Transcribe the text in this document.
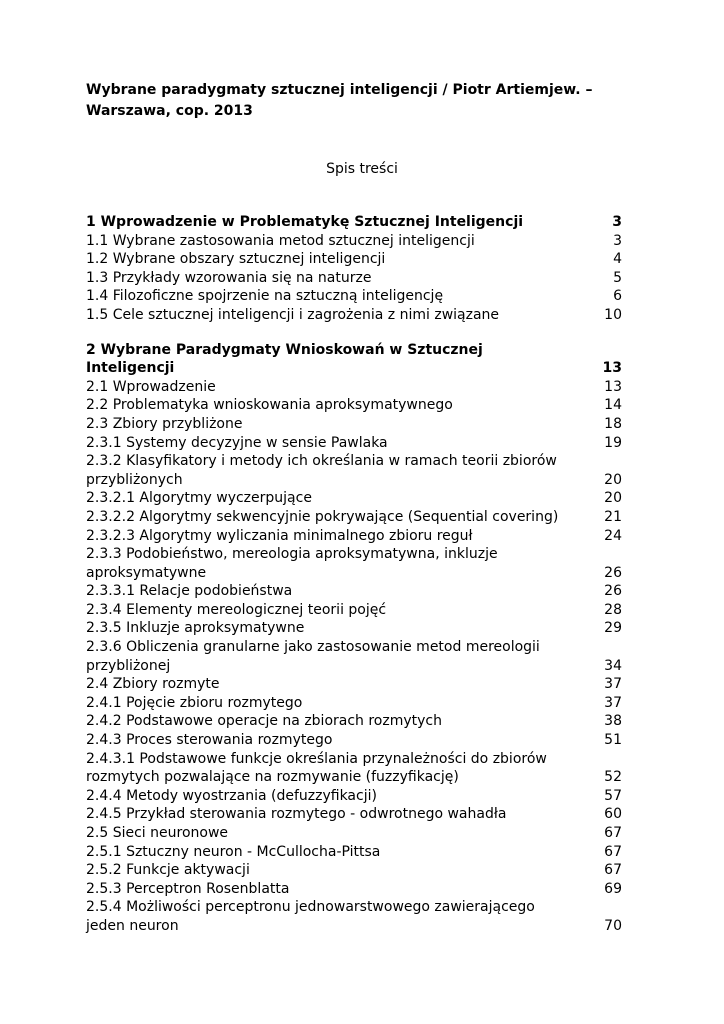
Wybrane paradygmaty sztucznej inteligencji / Piotr Artiemjew. –
Warszawa, cop. 2013
Spis treści
1 Wprowadzenie w Problematykę Sztucznej Inteligencji	3
1.1 Wybrane zastosowania metod sztucznej inteligencji	3
1.2 Wybrane obszary sztucznej inteligencji	4
1.3 Przykłady wzorowania się na naturze	5
1.4 Filozoficzne spojrzenie na sztuczną inteligencję	6
1.5 Cele sztucznej inteligencji i zagrożenia z nimi związane	10
2 Wybrane Paradygmaty Wnioskowań w Sztucznej Inteligencji	13
2.1 Wprowadzenie	13
2.2 Problematyka wnioskowania aproksymatywnego	14
2.3 Zbiory przybliżone	18
2.3.1 Systemy decyzyjne w sensie Pawlaka	19
2.3.2 Klasyfikatory i metody ich określania w ramach teorii zbiorów przybliżonych	20
2.3.2.1 Algorytmy wyczerpujące	20
2.3.2.2 Algorytmy sekwencyjnie pokrywające (Sequential covering)	21
2.3.2.3 Algorytmy wyliczania minimalnego zbioru reguł	24
2.3.3 Podobieństwo, mereologia aproksymatywna, inkluzje aproksymatywne	26
2.3.3.1 Relacje podobieństwa	26
2.3.4 Elementy mereologicznej teorii pojęć	28
2.3.5 Inkluzje aproksymatywne	29
2.3.6 Obliczenia granularne jako zastosowanie metod mereologii przybliżonej	34
2.4 Zbiory rozmyte	37
2.4.1 Pojęcie zbioru rozmytego	37
2.4.2 Podstawowe operacje na zbiorach rozmytych	38
2.4.3 Proces sterowania rozmytego	51
2.4.3.1 Podstawowe funkcje określania przynależności do zbiorów rozmytych pozwalające na rozmywanie (fuzzyfikację)	52
2.4.4 Metody wyostrzania (defuzzyfikacji)	57
2.4.5 Przykład sterowania rozmytego - odwrotnego wahadła	60
2.5 Sieci neuronowe	67
2.5.1 Sztuczny neuron - McCullocha-Pittsa	67
2.5.2 Funkcje aktywacji	67
2.5.3 Perceptron Rosenblatta	69
2.5.4 Możliwości perceptronu jednowarstwowego zawierającego jeden neuron	70
